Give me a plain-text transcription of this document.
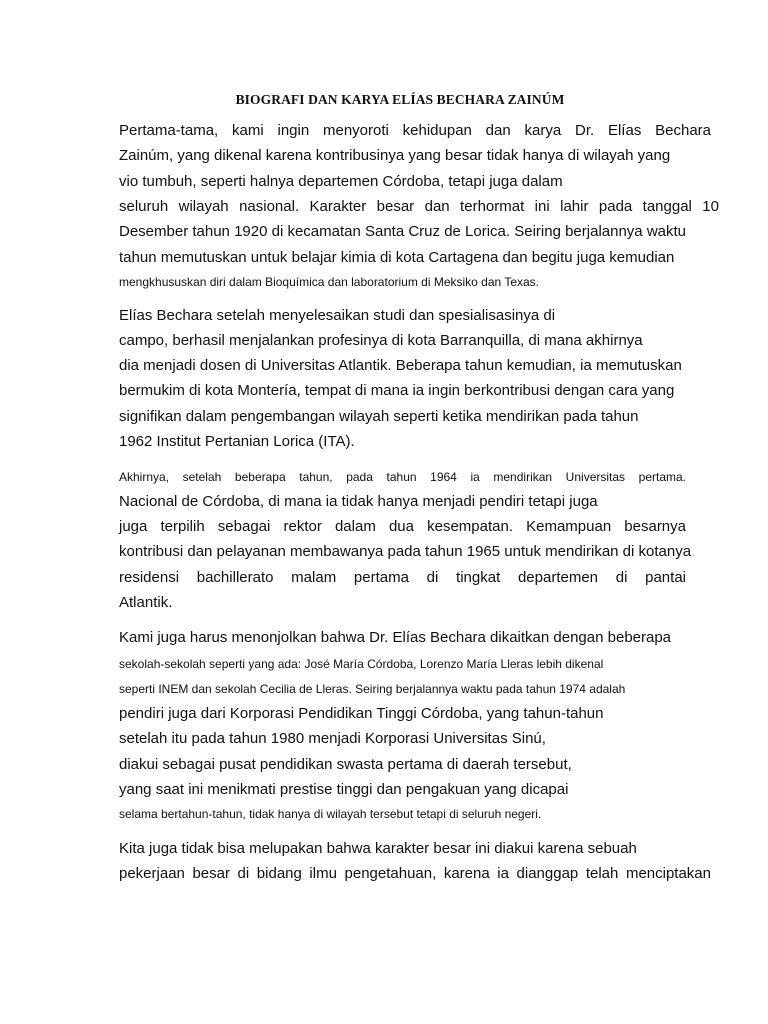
BIOGRAFI DAN KARYA ELÍAS BECHARA ZAINÚM
Pertama-tama, kami ingin menyoroti kehidupan dan karya Dr. Elías Bechara
Zainúm, yang dikenal karena kontribusinya yang besar tidak hanya di wilayah yang
vio tumbuh, seperti halnya departemen Córdoba, tetapi juga dalam
seluruh wilayah nasional. Karakter besar dan terhormat ini lahir pada tanggal 10
Desember tahun 1920 di kecamatan Santa Cruz de Lorica. Seiring berjalannya waktu
tahun memutuskan untuk belajar kimia di kota Cartagena dan begitu juga kemudian
mengkhususkan diri dalam Bioquímica dan laboratorium di Meksiko dan Texas.
Elías Bechara setelah menyelesaikan studi dan spesialisasinya di
campo, berhasil menjalankan profesinya di kota Barranquilla, di mana akhirnya
dia menjadi dosen di Universitas Atlantik. Beberapa tahun kemudian, ia memutuskan
bermukim di kota Montería, tempat di mana ia ingin berkontribusi dengan cara yang
signifikan dalam pengembangan wilayah seperti ketika mendirikan pada tahun
1962 Institut Pertanian Lorica (ITA).
Akhirnya, setelah beberapa tahun, pada tahun 1964 ia mendirikan Universitas pertama.
Nacional de Córdoba, di mana ia tidak hanya menjadi pendiri tetapi juga
juga terpilih sebagai rektor dalam dua kesempatan. Kemampuan besarnya
kontribusi dan pelayanan membawanya pada tahun 1965 untuk mendirikan di kotanya
residensi bachillerato malam pertama di tingkat departemen di pantai
Atlantik.
Kami juga harus menonjolkan bahwa Dr. Elías Bechara dikaitkan dengan beberapa
sekolah-sekolah seperti yang ada: José María Córdoba, Lorenzo María Lleras lebih dikenal
seperti INEM dan sekolah Cecilia de Lleras. Seiring berjalannya waktu pada tahun 1974 adalah
pendiri juga dari Korporasi Pendidikan Tinggi Córdoba, yang tahun-tahun
setelah itu pada tahun 1980 menjadi Korporasi Universitas Sinú,
diakui sebagai pusat pendidikan swasta pertama di daerah tersebut,
yang saat ini menikmati prestise tinggi dan pengakuan yang dicapai
selama bertahun-tahun, tidak hanya di wilayah tersebut tetapi di seluruh negeri.
Kita juga tidak bisa melupakan bahwa karakter besar ini diakui karena sebuah
pekerjaan besar di bidang ilmu pengetahuan, karena ia dianggap telah menciptakan
